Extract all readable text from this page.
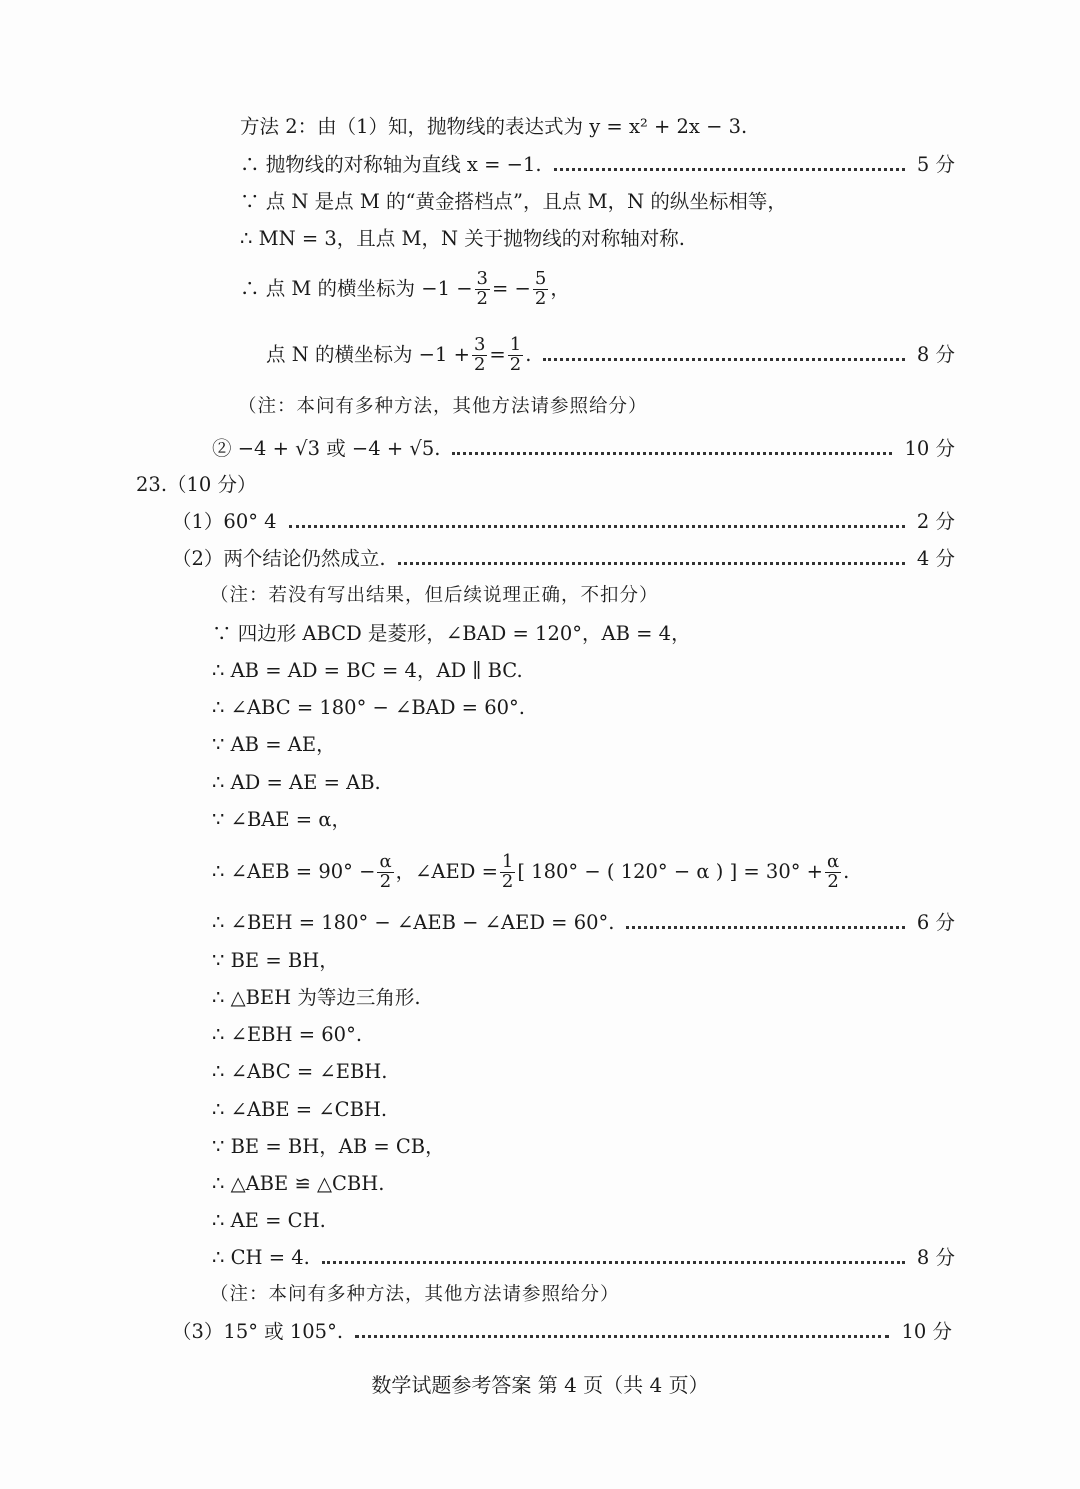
方法 2：由（1）知，抛物线的表达式为 y = x² + 2x − 3.
∴ 抛物线的对称轴为直线 x = −1.	5 分
∵ 点 N 是点 M 的“黄金搭档点”，且点 M，N 的纵坐标相等，
∴ MN = 3，且点 M，N 关于抛物线的对称轴对称.
∴ 点 M 的横坐标为 $-1 - \frac{3}{2}$ = − $\frac{5}{2}$ ，
点 N 的横坐标为 $-1 + \frac{3}{2} = \frac{1}{2}$ .	8 分
（注：本问有多种方法，其他方法请参照给分）
② −4 + √3 或 −4 + √5.	10 分
23.（10 分）
（1）60° 4	2 分
（2）两个结论仍然成立.	4 分
（注：若没有写出结果，但后续说理正确，不扣分）
∵ 四边形 ABCD 是菱形，∠BAD = 120°，AB = 4，
∴ AB = AD = BC = 4，AD ∥ BC.
∴ ∠ABC = 180° − ∠BAD = 60°.
∵ AB = AE，
∴ AD = AE = AB.
∵ ∠BAE = α，
∴ ∠AEB = $90^\circ - \frac{\alpha}{2}$ ，∠AED = $\frac{1}{2}$ [ 180° − ( 120° − α ) ] = $30^\circ + \frac{\alpha}{2}$ .
∴ ∠BEH = 180° − ∠AEB − ∠AED = 60°.	6 分
∵ BE = BH，
∴ △BEH 为等边三角形.
∴ ∠EBH = 60°.
∴ ∠ABC = ∠EBH.
∴ ∠ABE = ∠CBH.
∵ BE = BH，AB = CB，
∴ △ABE ≌ △CBH.
∴ AE = CH.
∴ CH = 4.	8 分
（注：本问有多种方法，其他方法请参照给分）
（3）15° 或 105°.	10 分
数学试题参考答案 第 4 页（共 4 页）
